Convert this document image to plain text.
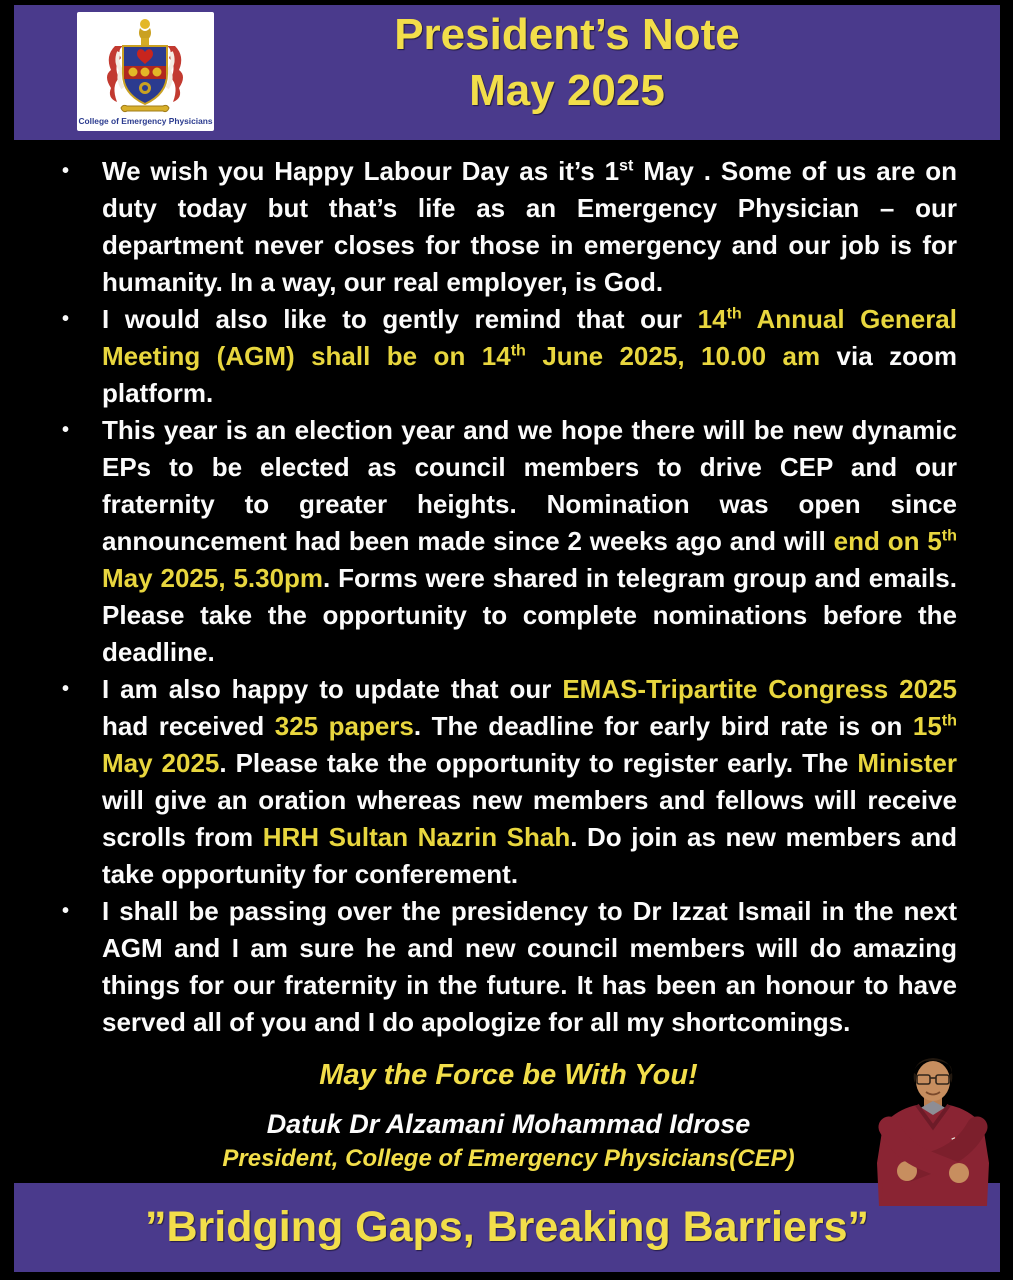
College of Emergency Physicians
President’s Note
May 2025
• We wish you Happy Labour Day as it’s 1st May . Some of us are on duty today but that’s life as an Emergency Physician – our department never closes for those in emergency and our job is for humanity. In a way, our real employer, is God.
• I would also like to gently remind that our 14th Annual General Meeting (AGM) shall be on 14th June 2025, 10.00 am via zoom platform.
• This year is an election year and we hope there will be new dynamic EPs to be elected as council members to drive CEP and our fraternity to greater heights. Nomination was open since announcement had been made since 2 weeks ago and will end on 5th May 2025, 5.30pm. Forms were shared in telegram group and emails. Please take the opportunity to complete nominations before the deadline.
• I am also happy to update that our EMAS-Tripartite Congress 2025 had received 325 papers. The deadline for early bird rate is on 15th May 2025. Please take the opportunity to register early. The Minister will give an oration whereas new members and fellows will receive scrolls from HRH Sultan Nazrin Shah. Do join as new members and take opportunity for conferement.
• I shall be passing over the presidency to Dr Izzat Ismail in the next AGM and I am sure he and new council members will do amazing things for our fraternity in the future. It has been an honour to have served all of you and I do apologize for all my shortcomings.
May the Force be With You!
Datuk Dr Alzamani Mohammad Idrose
President, College of Emergency Physicians(CEP)
”Bridging Gaps, Breaking Barriers”
